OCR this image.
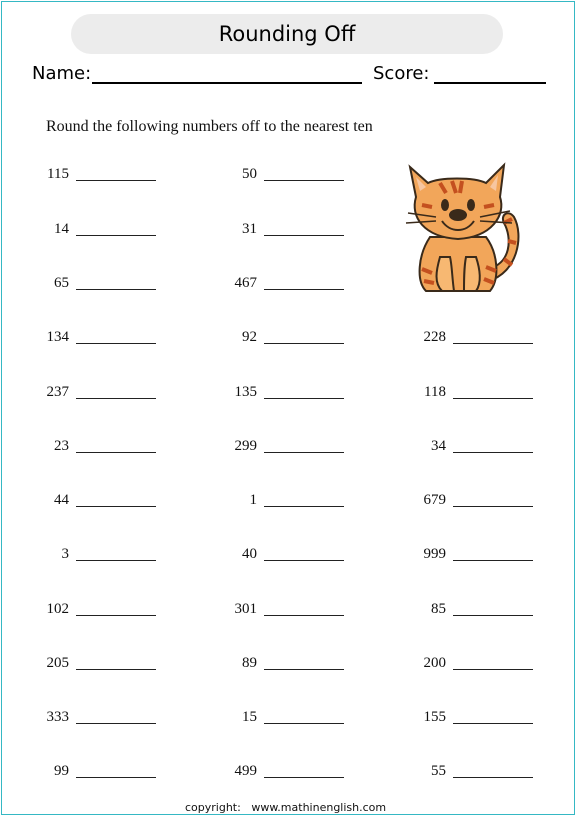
Rounding Off
Name:	Score:
Round the following numbers off to the nearest ten
115
14
65
134
237
23
44
3
102
205
333
99
50
31
467
92
135
299
1
40
301
89
15
499
228
118
34
679
999
85
200
155
55
copyright: www.mathinenglish.com
